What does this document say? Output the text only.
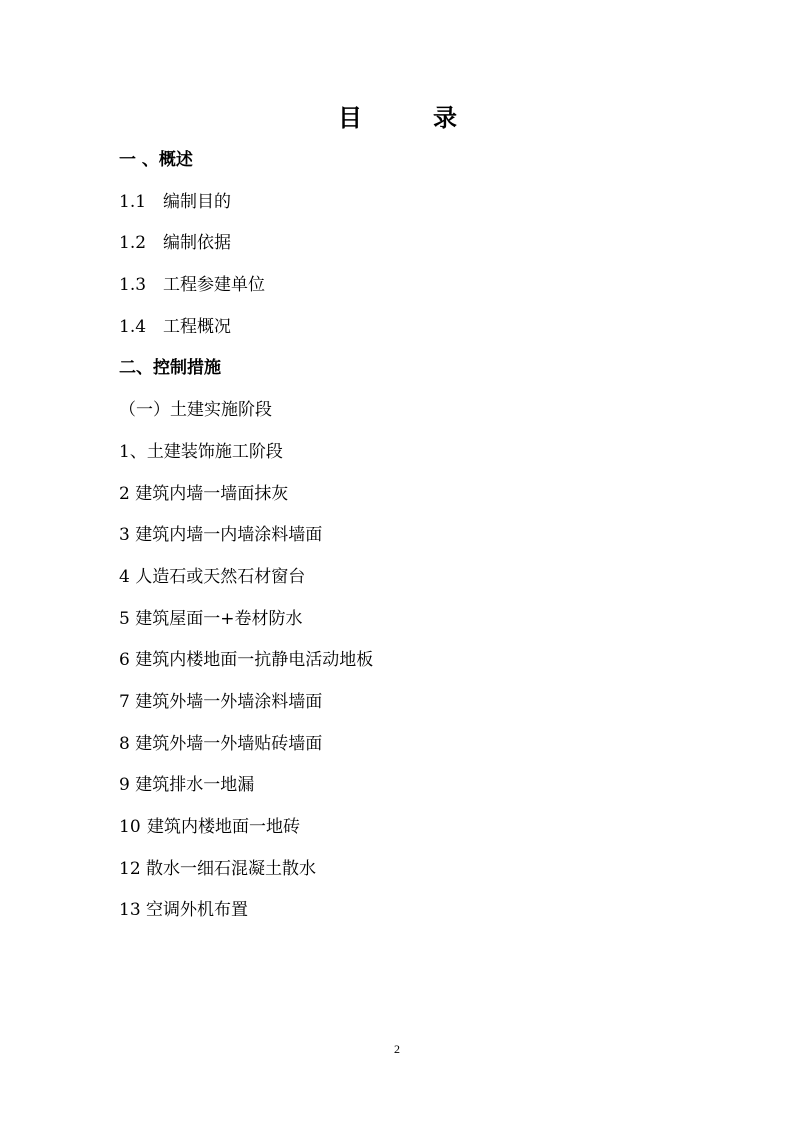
目	录
一 、概述
1.1 编制目的
1.2 编制依据
1.3 工程参建单位
1.4 工程概况
二、控制措施
（一）土建实施阶段
1、土建装饰施工阶段
2 建筑内墙一墙面抹灰
3 建筑内墙一内墙涂料墙面
4 人造石或天然石材窗台
5 建筑屋面一+卷材防水
6 建筑内楼地面一抗静电活动地板
7 建筑外墙一外墙涂料墙面
8 建筑外墙一外墙贴砖墙面
9 建筑排水一地漏
10 建筑内楼地面一地砖
12 散水一细石混凝土散水
13 空调外机布置
2
